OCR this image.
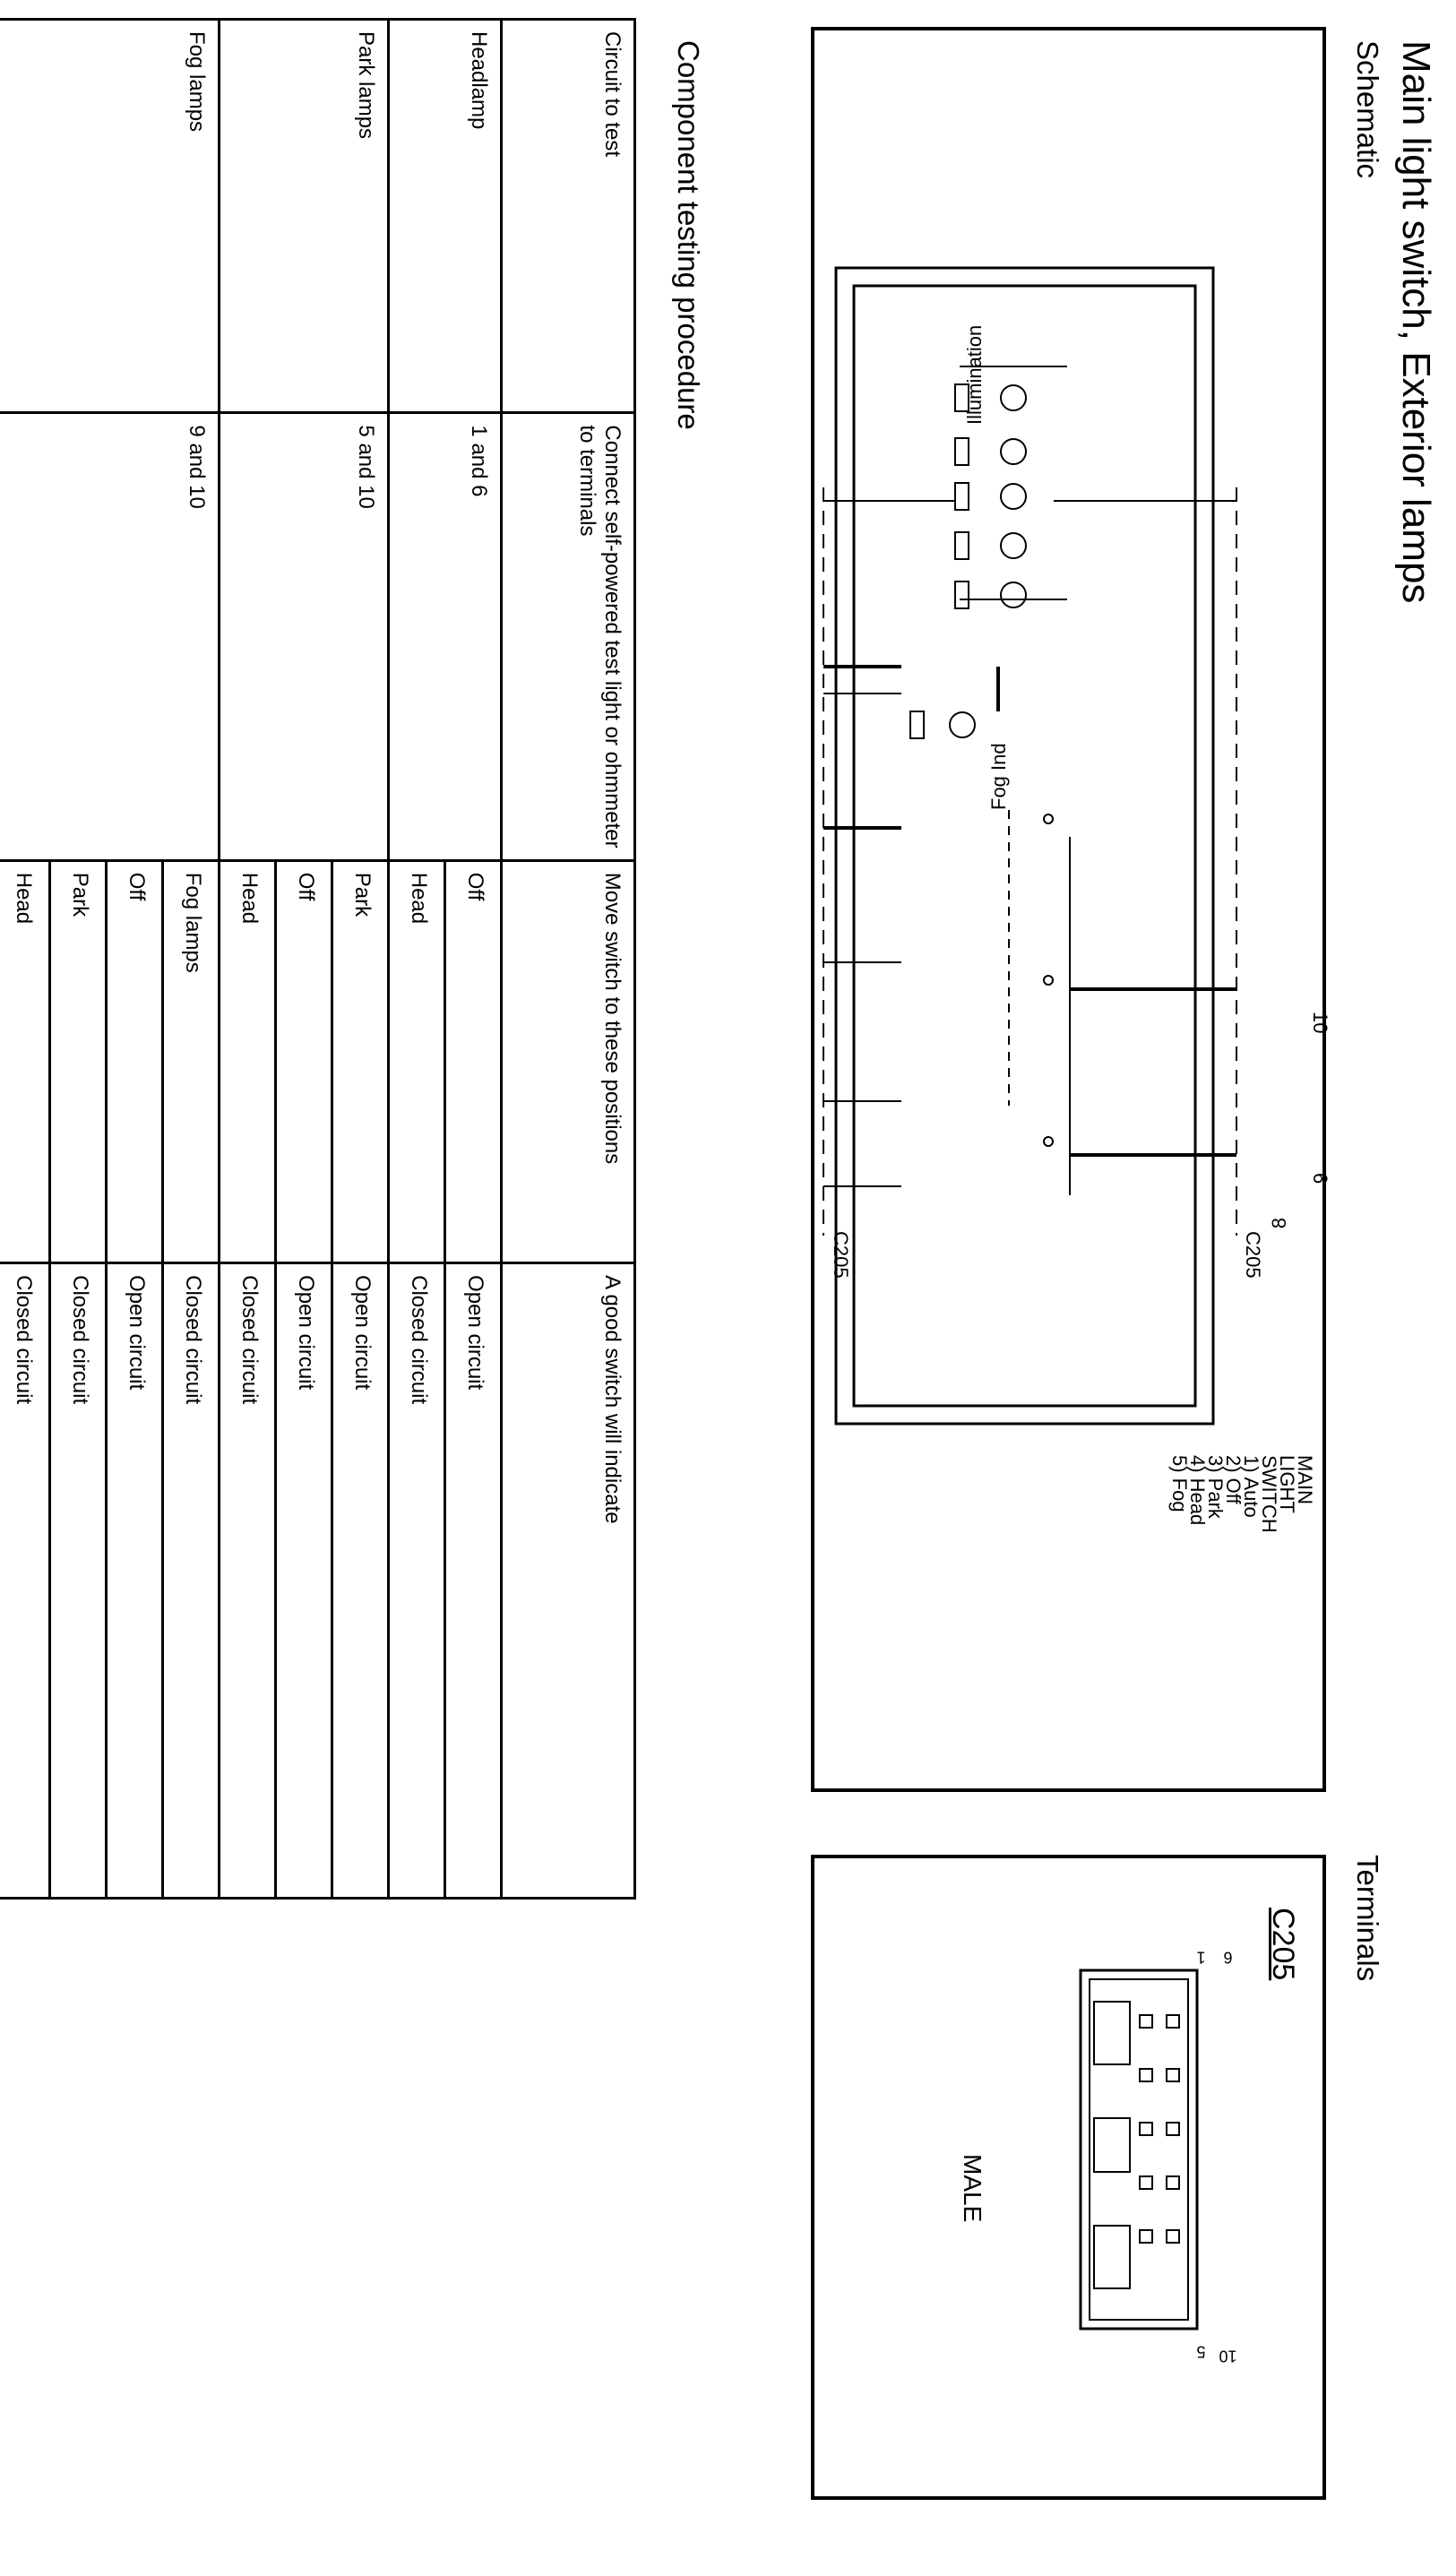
Main light switch, Exterior lamps
Schematic
Terminals
Component testing procedure	Illumination
Fog Ind
8
10
6
C205
C205
MAIN
LIGHT
SWITCH
1) Auto
2) Off
3) Park
4) Head
5) Fog
C205
MALE
1 6
5 10
Circuit to test	Connect self-powered test light or ohmmeter to terminals	Move switch to these positions	A good switch will indicate
Headlamp	1 and 6	Off	Open circuit
		Head	Closed circuit
Park lamps	5 and 10	Park	Open circuit
		Off	Open circuit
		Head	Closed circuit
Fog lamps	9 and 10	Fog lamps	Closed circuit
		Off	Open circuit
		Park	Closed circuit
		Head	Closed circuit
